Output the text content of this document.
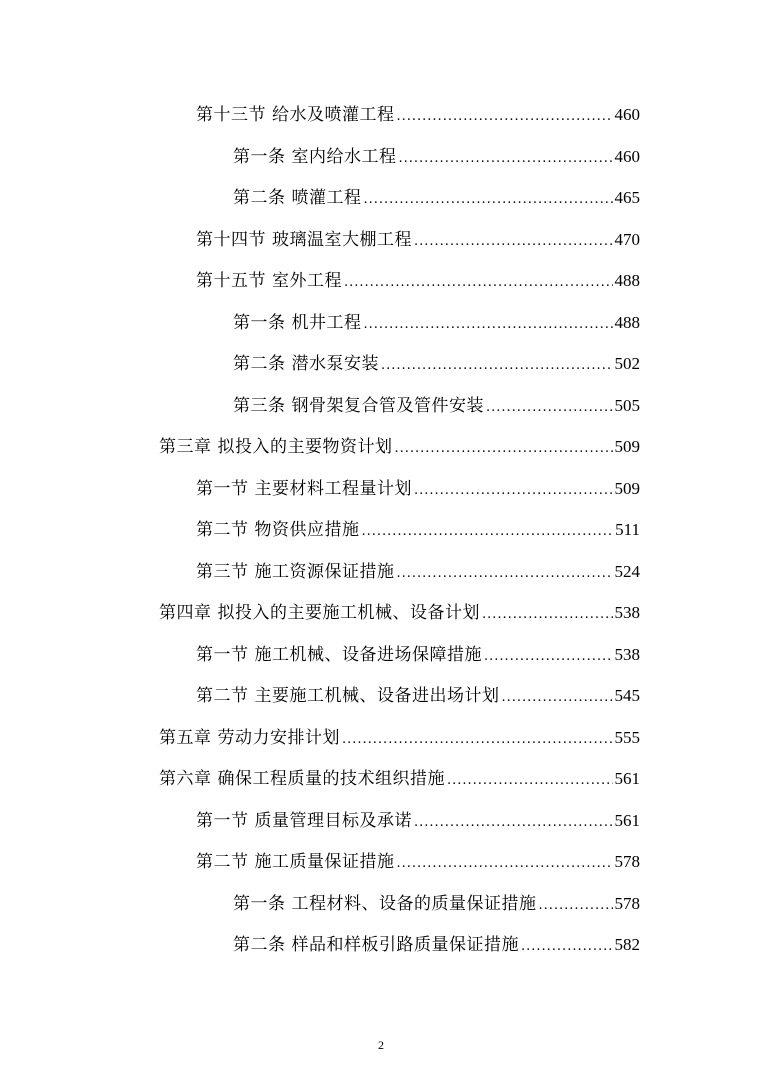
第十三节 给水及喷灌工程 .....	460
第一条 室内给水工程 .....	460
第二条 喷灌工程 .....	465
第十四节 玻璃温室大棚工程 .....	470
第十五节 室外工程 .....	488
第一条 机井工程 .....	488
第二条 潜水泵安装 .....	502
第三条 钢骨架复合管及管件安装 .....	505
第三章 拟投入的主要物资计划 .....	509
第一节 主要材料工程量计划 .....	509
第二节 物资供应措施 .....	511
第三节 施工资源保证措施 .....	524
第四章 拟投入的主要施工机械、设备计划 .....	538
第一节 施工机械、设备进场保障措施 .....	538
第二节 主要施工机械、设备进出场计划 .....	545
第五章 劳动力安排计划 .....	555
第六章 确保工程质量的技术组织措施 .....	561
第一节 质量管理目标及承诺 .....	561
第二节 施工质量保证措施 .....	578
第一条 工程材料、设备的质量保证措施 .....	578
第二条 样品和样板引路质量保证措施 .....	582
2
